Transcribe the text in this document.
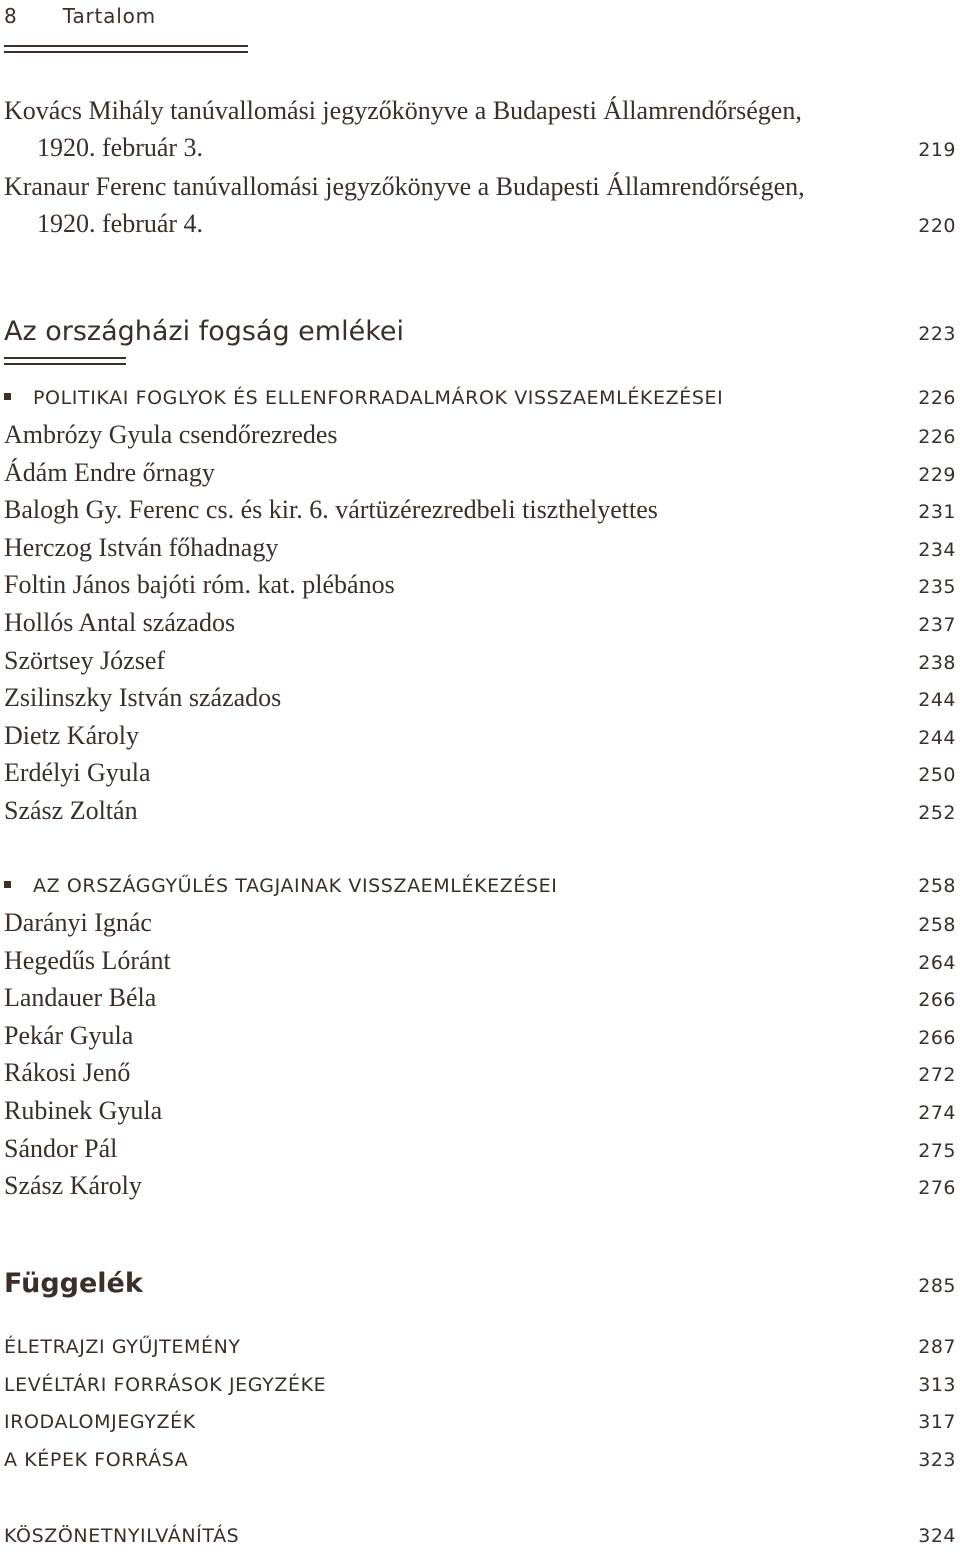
8 Tartalom
Kovács Mihály tanúvallomási jegyzőkönyve a Budapesti Államrendőrségen,
1920. február 3.	219
Kranaur Ferenc tanúvallomási jegyzőkönyve a Budapesti Államrendőrségen,
1920. február 4.	220
Az országházi fogság emlékei	223
POLITIKAI FOGLYOK ÉS ELLENFORRADALMÁROK VISSZAEMLÉKEZÉSEI	226
Ambrózy Gyula csendőrezredes	226
Ádám Endre őrnagy	229
Balogh Gy. Ferenc cs. és kir. 6. vártüzérezredbeli tiszthelyettes	231
Herczog István főhadnagy	234
Foltin János bajóti róm. kat. plébános	235
Hollós Antal százados	237
Szörtsey József	238
Zsilinszky István százados	244
Dietz Károly	244
Erdélyi Gyula	250
Szász Zoltán	252
AZ ORSZÁGGYŰLÉS TAGJAINAK VISSZAEMLÉKEZÉSEI	258
Darányi Ignác	258
Hegedűs Lóránt	264
Landauer Béla	266
Pekár Gyula	266
Rákosi Jenő	272
Rubinek Gyula	274
Sándor Pál	275
Szász Károly	276
Függelék	285
ÉLETRAJZI GYŰJTEMÉNY	287
LEVÉLTÁRI FORRÁSOK JEGYZÉKE	313
IRODALOMJEGYZÉK	317
A KÉPEK FORRÁSA	323
KÖSZÖNETNYILVÁNÍTÁS	324
